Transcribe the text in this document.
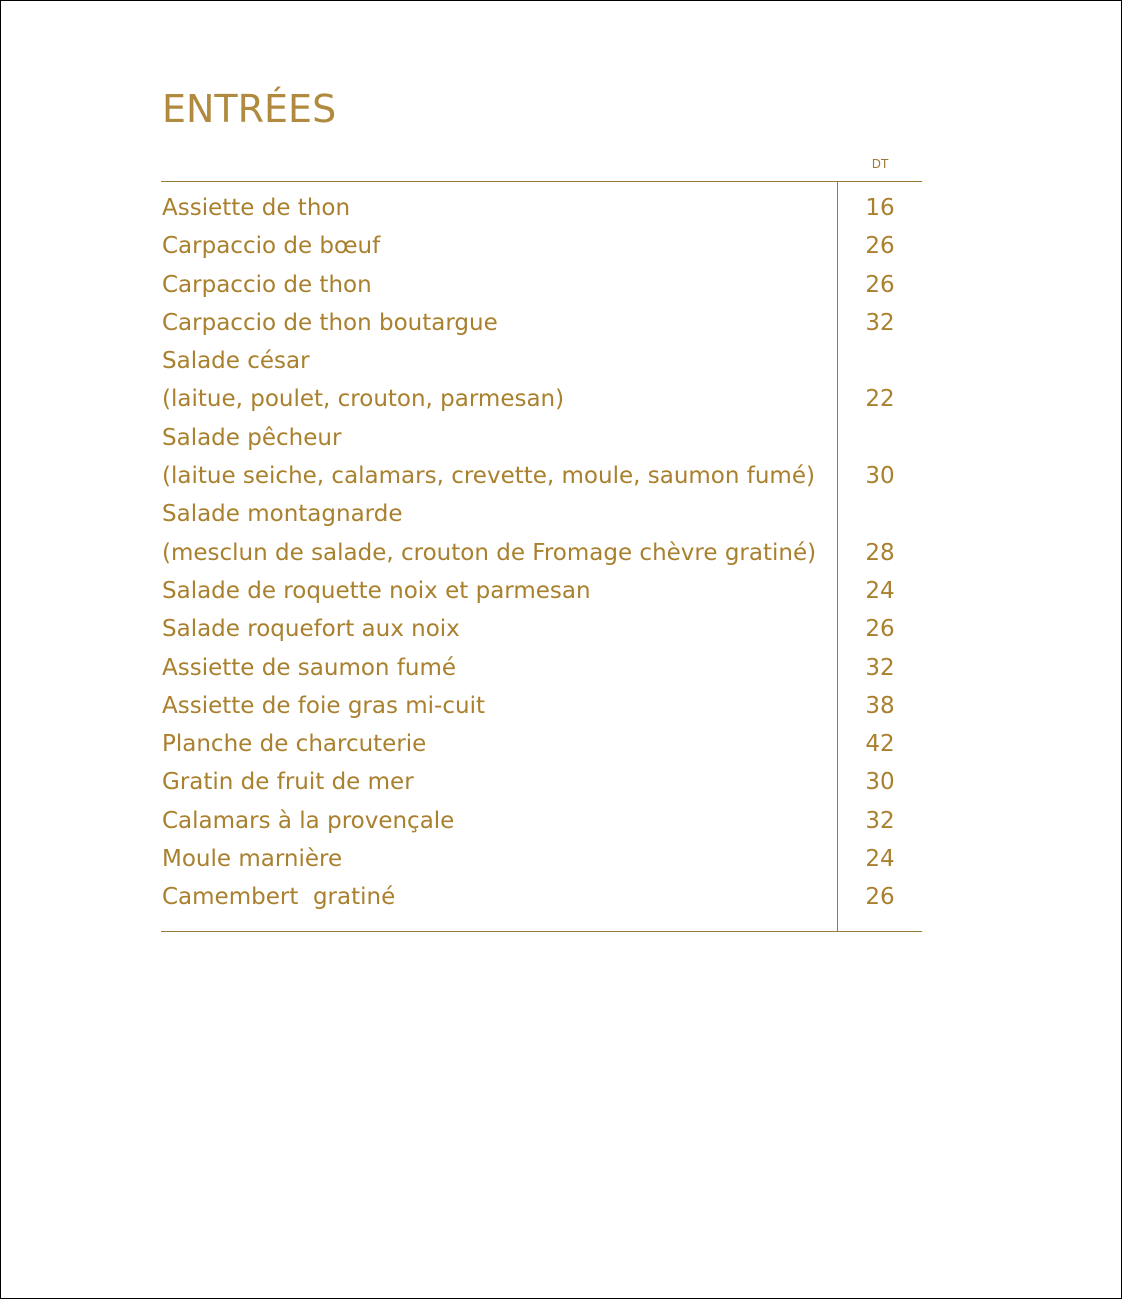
ENTRÉES
DT
Assiette de thon	16
Carpaccio de bœuf	26
Carpaccio de thon	26
Carpaccio de thon boutargue	32
Salade césar
(laitue, poulet, crouton, parmesan)	22
Salade pêcheur
(laitue seiche, calamars, crevette, moule, saumon fumé)	30
Salade montagnarde
(mesclun de salade, crouton de Fromage chèvre gratiné)	28
Salade de roquette noix et parmesan	24
Salade roquefort aux noix	26
Assiette de saumon fumé	32
Assiette de foie gras mi-cuit	38
Planche de charcuterie	42
Gratin de fruit de mer	30
Calamars à la provençale	32
Moule marnière	24
Camembert  gratiné	26
